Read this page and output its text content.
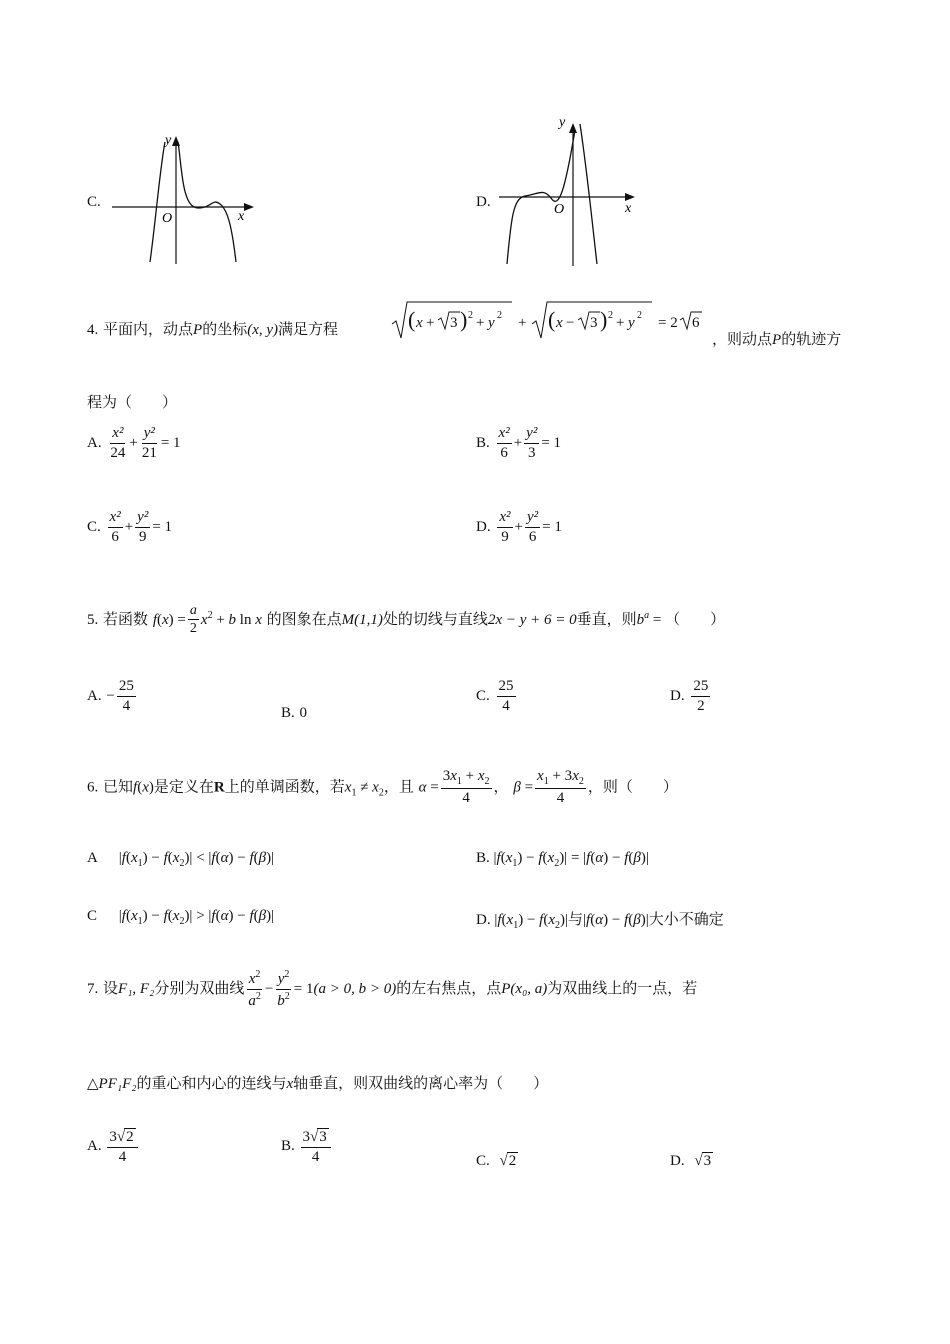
C.
y
O	x
D.
y
O	x
4. 平面内，动点P的坐标(x, y)满足方程	( x + 3 ) 2 + y 2 + ( x − 3 ) 2 + y 2 = 2 6
，则动点P的轨迹方
程为（　　）
A. $\frac{\text{x²}}{24} + \frac{\text{y²}}{21} = 1$	B. $\frac{\text{x²}}{6} + \frac{\text{y²}}{3} = 1$
C. $\frac{\text{x²}}{6} + \frac{\text{y²}}{9} = 1$	D. $\frac{\text{x²}}{9} + \frac{\text{y²}}{6} = 1$
5. 若函数 $f(x) = \frac{a}{2} x^2 + b$ ln x 的图象在点M(1,1)处的切线与直线2x − y + 6 = 0垂直，则$b^a$ = （　　）
A. − $\frac{25}{4}$	B. 0
C. $\frac{25}{4}$	D. $\frac{25}{2}$
6. 已知f(x)是定义在R上的单调函数，若$x_1 \ne x_2$，且 $\alpha = \frac{3x_1 + x_2}{4}$ ， $\beta = \frac{x_1 + 3x_2}{4}$ ，则（　　）
A $|f(x_1) - f(x_2)| < |f(\alpha) - f(\beta)|$	B. $|f(x_1) - f(x_2)| = |f(\alpha) - f(\beta)|$
C $|f(x_1) - f(x_2)| > |f(\alpha) - f(\beta)|$	D. $|f(x_1) - f(x_2)|$与|f(α) − f(β)|大小不确定
7. 设F₁, F₂分别为双曲线 $\frac{x^2}{a^2} - \frac{y^2}{b^2} = 1(a > 0$, b > 0)的左右焦点，点P(x₀, a)为双曲线上的一点，若
△PF₁F₂的重心和内心的连线与x轴垂直，则双曲线的离心率为（　　）
A. $\frac{3√2}{4}$	B. $\frac{3√3}{4}$	C. √2	D. √3
